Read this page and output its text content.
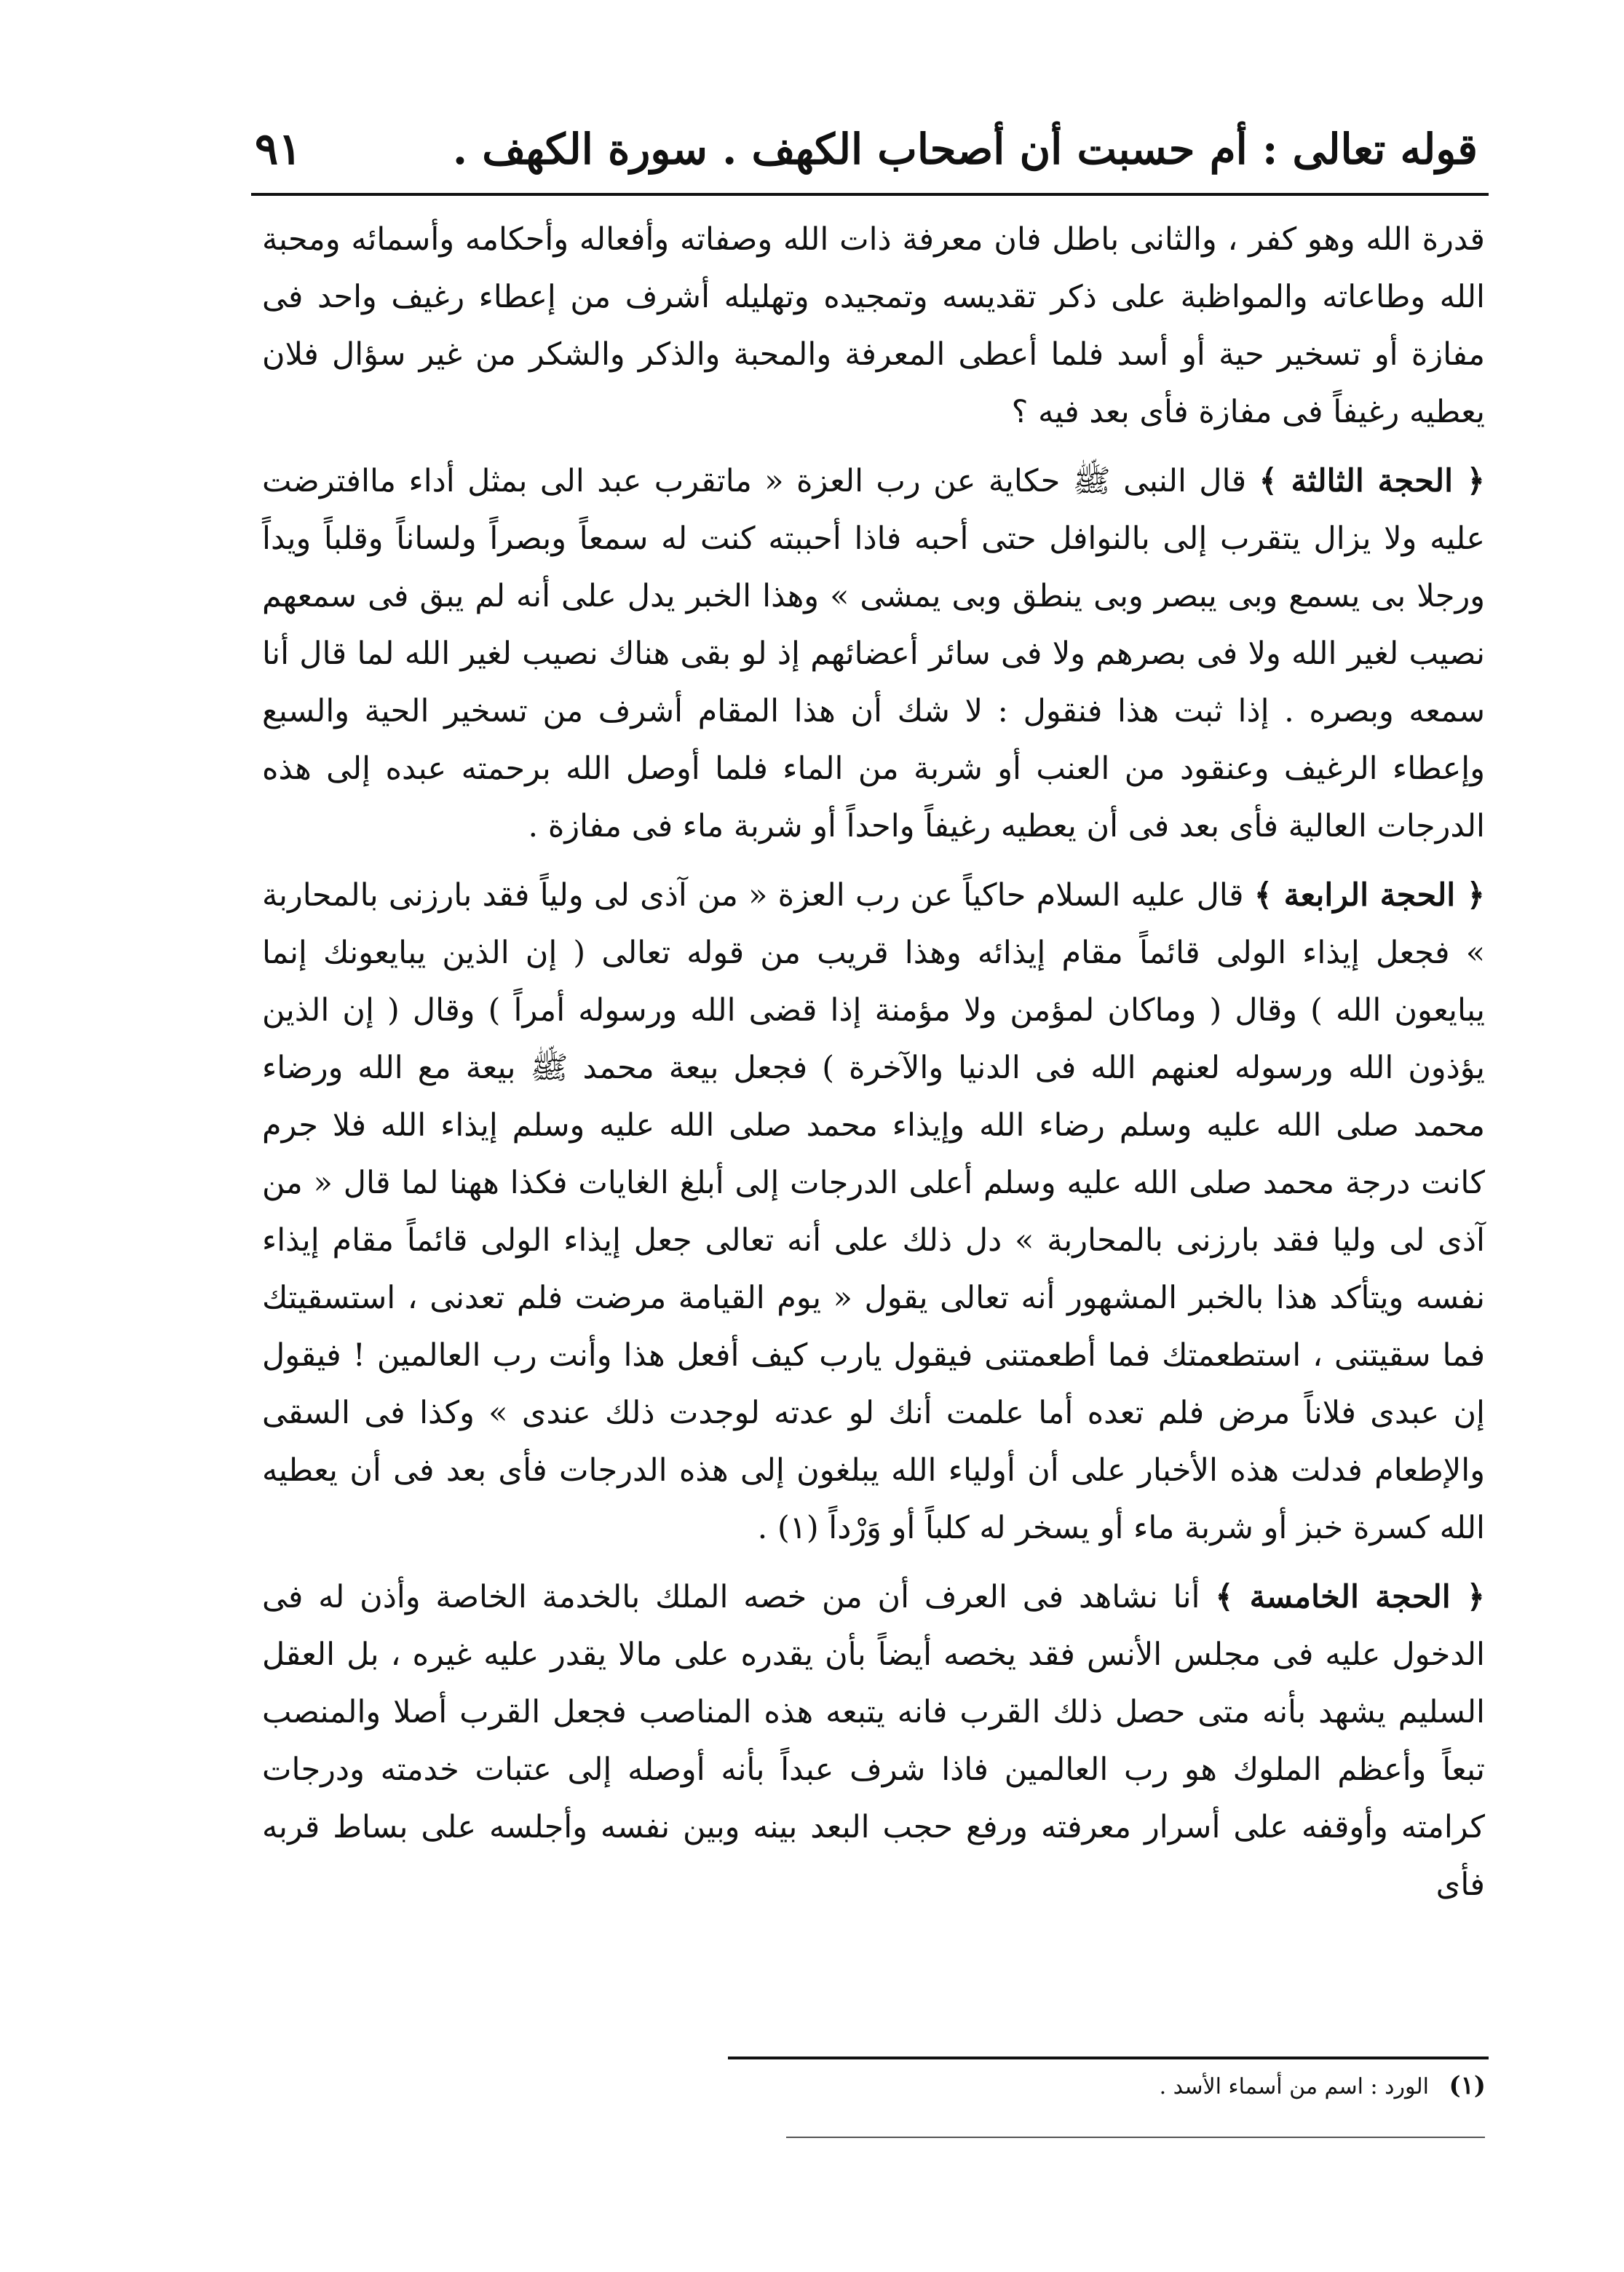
قوله تعالى : أم حسبت أن أصحاب الكهف . سورة الكهف .
٩١

قدرة الله وهو كفر ، والثانى باطل فان معرفة ذات الله وصفاته وأفعاله وأحكامه وأسمائه ومحبة الله وطاعاته والمواظبة على ذكر تقديسه وتمجيده وتهليله أشرف من إعطاء رغيف واحد فى مفازة أو تسخير حية أو أسد فلما أعطى المعرفة والمحبة والذكر والشكر من غير سؤال فلان يعطيه رغيفاً فى مفازة فأى بعد فيه ؟

﴿ الحجة الثالثة ﴾ قال النبى ﷺ حكاية عن رب العزة « ماتقرب عبد الى بمثل أداء ماافترضت عليه ولا يزال يتقرب إلى بالنوافل حتى أحبه فاذا أحببته كنت له سمعاً وبصراً ولساناً وقلباً ويداً ورجلا بى يسمع وبى يبصر وبى ينطق وبى يمشى » وهذا الخبر يدل على أنه لم يبق فى سمعهم نصيب لغير الله ولا فى بصرهم ولا فى سائر أعضائهم إذ لو بقى هناك نصيب لغير الله لما قال أنا سمعه وبصره . إذا ثبت هذا فنقول : لا شك أن هذا المقام أشرف من تسخير الحية والسبع وإعطاء الرغيف وعنقود من العنب أو شربة من الماء فلما أوصل الله برحمته عبده إلى هذه الدرجات العالية فأى بعد فى أن يعطيه رغيفاً واحداً أو شربة ماء فى مفازة .

﴿ الحجة الرابعة ﴾ قال عليه السلام حاكياً عن رب العزة « من آذى لى ولياً فقد بارزنى بالمحاربة » فجعل إيذاء الولى قائماً مقام إيذائه وهذا قريب من قوله تعالى ( إن الذين يبايعونك إنما يبايعون الله ) وقال ( وماكان لمؤمن ولا مؤمنة إذا قضى الله ورسوله أمراً ) وقال ( إن الذين يؤذون الله ورسوله لعنهم الله فى الدنيا والآخرة ) فجعل بيعة محمد ﷺ بيعة مع الله ورضاء محمد صلى الله عليه وسلم رضاء الله وإيذاء محمد صلى الله عليه وسلم إيذاء الله فلا جرم كانت درجة محمد صلى الله عليه وسلم أعلى الدرجات إلى أبلغ الغايات فكذا ههنا لما قال « من آذى لى وليا فقد بارزنى بالمحاربة » دل ذلك على أنه تعالى جعل إيذاء الولى قائماً مقام إيذاء نفسه ويتأكد هذا بالخبر المشهور أنه تعالى يقول « يوم القيامة مرضت فلم تعدنى ، استسقيتك فما سقيتنى ، استطعمتك فما أطعمتنى فيقول يارب كيف أفعل هذا وأنت رب العالمين ! فيقول إن عبدى فلاناً مرض فلم تعده أما علمت أنك لو عدته لوجدت ذلك عندى » وكذا فى السقى والإطعام فدلت هذه الأخبار على أن أولياء الله يبلغون إلى هذه الدرجات فأى بعد فى أن يعطيه الله كسرة خبز أو شربة ماء أو يسخر له كلباً أو وَرْداً (١) .

﴿ الحجة الخامسة ﴾ أنا نشاهد فى العرف أن من خصه الملك بالخدمة الخاصة وأذن له فى الدخول عليه فى مجلس الأنس فقد يخصه أيضاً بأن يقدره على مالا يقدر عليه غيره ، بل العقل السليم يشهد بأنه متى حصل ذلك القرب فانه يتبعه هذه المناصب فجعل القرب أصلا والمنصب تبعاً وأعظم الملوك هو رب العالمين فاذا شرف عبداً بأنه أوصله إلى عتبات خدمته ودرجات كرامته وأوقفه على أسرار معرفته ورفع حجب البعد بينه وبين نفسه وأجلسه على بساط قربه فأى

(١) الورد : اسم من أسماء الأسد .
